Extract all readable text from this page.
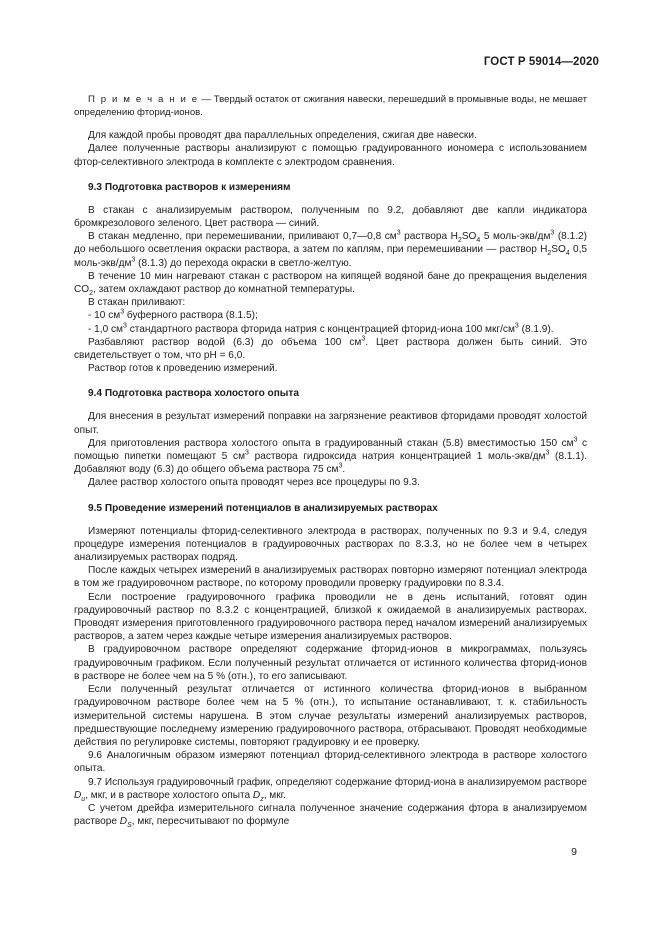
ГОСТ Р 59014—2020

П р и м е ч а н и е — Твердый остаток от сжигания навески, перешедший в промывные воды, не мешает определению фторид-ионов.

Для каждой пробы проводят два параллельных определения, сжигая две навески.

Далее полученные растворы анализируют с помощью градуированного иономера с использованием фтор-селективного электрода в комплекте с электродом сравнения.

9.3 Подготовка растворов к измерениям

В стакан с анализируемым раствором, полученным по 9.2, добавляют две капли индикатора бромкрезолового зеленого. Цвет раствора — синий.

В стакан медленно, при перемешивании, приливают 0,7—0,8 $см^3$ раствора $H_2SO_4$ 5 моль-$экв/дм^3$ (8.1.2) до небольшого осветления окраски раствора, а затем по каплям, при перемешивании — раствор $H_2SO_4$ 0,5 моль-$экв/дм^3$ (8.1.3) до перехода окраски в светло-желтую.

В течение 10 мин нагревают стакан с раствором на кипящей водяной бане до прекращения выделения $CO_2$, затем охлаждают раствор до комнатной температуры.

В стакан приливают:

- 10 $см^3$ буферного раствора (8.1.5);

- 1,0 $см^3$ стандартного раствора фторида натрия с концентрацией фторид-иона 100 мкг/$см^3$ (8.1.9).

Разбавляют раствор водой (6.3) до объема 100 $см^3$. Цвет раствора должен быть синий. Это свидетельствует о том, что pH = 6,0.

Раствор готов к проведению измерений.

9.4 Подготовка раствора холостого опыта

Для внесения в результат измерений поправки на загрязнение реактивов фторидами проводят холостой опыт.

Для приготовления раствора холостого опыта в градуированный стакан (5.8) вместимостью 150 $см^3$ с помощью пипетки помещают 5 $см^3$ раствора гидроксида натрия концентрацией 1 моль-$экв/дм^3$ (8.1.1). Добавляют воду (6.3) до общего объема раствора 75 $см^3$.

Далее раствор холостого опыта проводят через все процедуры по 9.3.

9.5 Проведение измерений потенциалов в анализируемых растворах

Измеряют потенциалы фторид-селективного электрода в растворах, полученных по 9.3 и 9.4, следуя процедуре измерения потенциалов в градуировочных растворах по 8.3.3, но не более чем в четырех анализируемых растворах подряд.

После каждых четырех измерений в анализируемых растворах повторно измеряют потенциал электрода в том же градуировочном растворе, по которому проводили проверку градуировки по 8.3.4.

Если построение градуировочного графика проводили не в день испытаний, готовят один градуировочный раствор по 8.3.2 с концентрацией, близкой к ожидаемой в анализируемых растворах. Проводят измерения приготовленного градуировочного раствора перед началом измерений анализируемых растворов, а затем через каждые четыре измерения анализируемых растворов.

В градуировочном растворе определяют содержание фторид-ионов в микрограммах, пользуясь градуировочным графиком. Если полученный результат отличается от истинного количества фторид-ионов в растворе не более чем на 5 % (отн.), то его записывают.

Если полученный результат отличается от истинного количества фторид-ионов в выбранном градуировочном растворе более чем на 5 % (отн.), то испытание останавливают, т. к. стабильность измерительной системы нарушена. В этом случае результаты измерений анализируемых растворов, предшествующие последнему измерению градуировочного раствора, отбрасывают. Проводят необходимые действия по регулировке системы, повторяют градуировку и ее проверку.

9.6 Аналогичным образом измеряют потенциал фторид-селективного электрода в растворе холостого опыта.

9.7 Используя градуировочный график, определяют содержание фторид-иона в анализируемом растворе $D_u$, мкг, и в растворе холостого опыта $D_z$, мкг.

С учетом дрейфа измерительного сигнала полученное значение содержания фтора в анализируемом растворе $D_S$, мкг, пересчитывают по формуле

9
